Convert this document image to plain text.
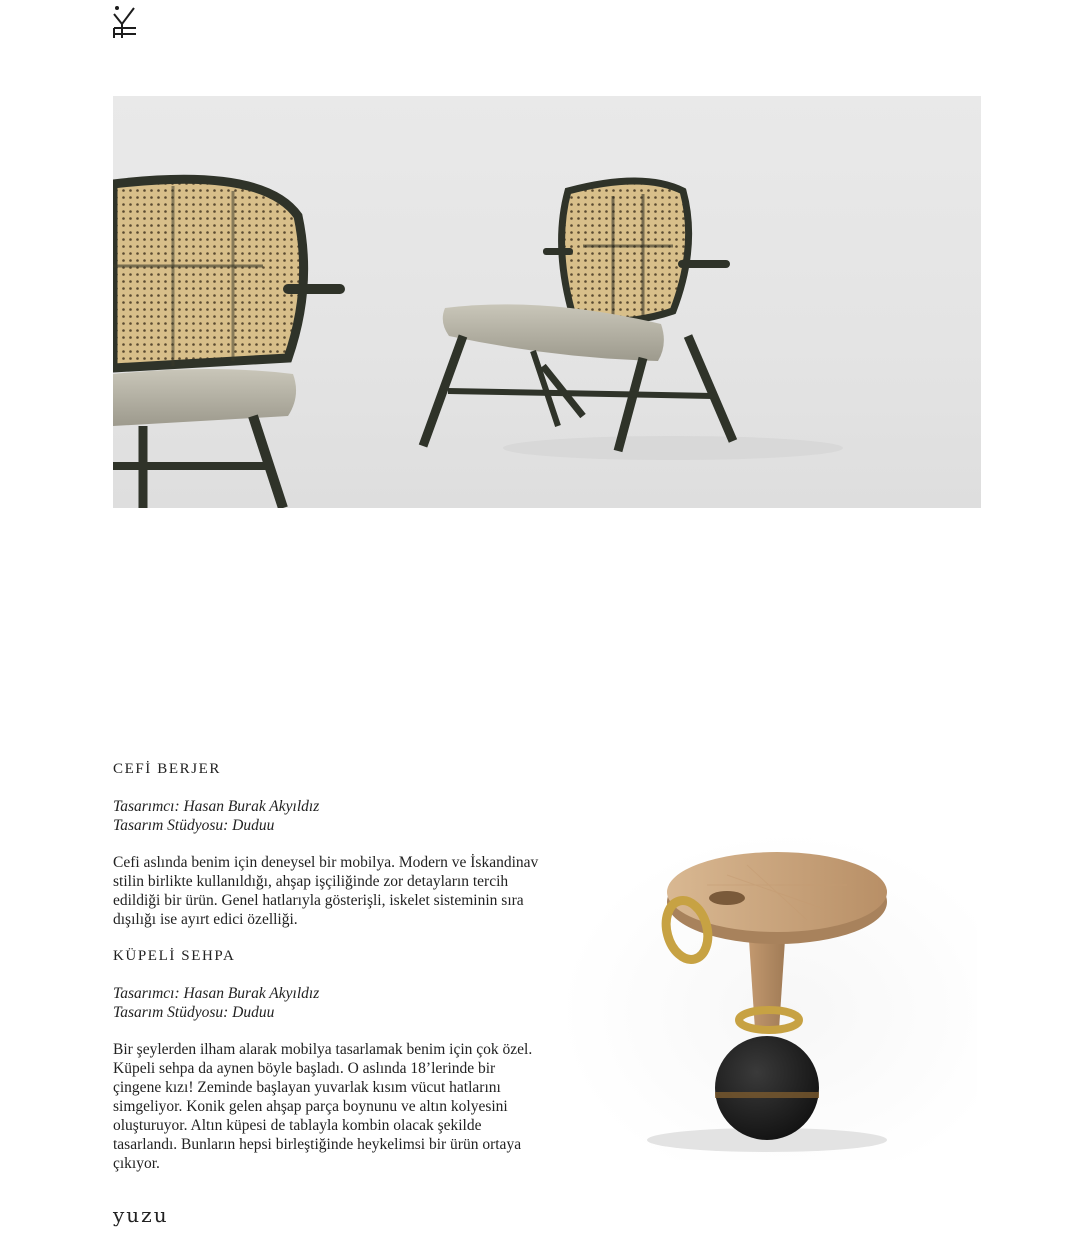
CEFİ BERJER
Tasarımcı: Hasan Burak Akyıldız
Tasarım Stüdyosu: Duduu

Cefi aslında benim için deneysel bir mobilya. Modern ve İskandinav stilin birlikte kullanıldığı, ahşap işçiliğinde zor detayların tercih edildiği bir ürün. Genel hatlarıyla gösterişli, iskelet sisteminin sıra dışılığı ise ayırt edici özelliği.

KÜPELİ SEHPA
Tasarımcı: Hasan Burak Akyıldız
Tasarım Stüdyosu: Duduu

Bir şeylerden ilham alarak mobilya tasarlamak benim için çok özel. Küpeli sehpa da aynen böyle başladı. O aslında 18’lerinde bir çingene kızı! Zeminde başlayan yuvarlak kısım vücut hatlarını simgeliyor. Konik gelen ahşap parça boynunu ve altın kolyesini oluşturuyor. Altın küpesi de tablayla kombin olacak şekilde tasarlandı. Bunların hepsi birleştiğinde heykelimsi bir ürün ortaya çıkıyor.

yuzu
